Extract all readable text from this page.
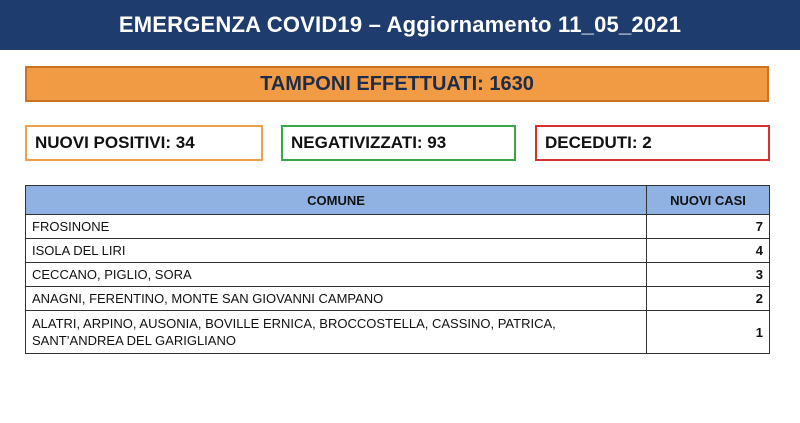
EMERGENZA COVID19 – Aggiornamento 11_05_2021
TAMPONI EFFETTUATI: 1630
NUOVI POSITIVI: 34	NEGATIVIZZATI: 93	DECEDUTI: 2
COMUNE	NUOVI CASI
FROSINONE	7
ISOLA DEL LIRI	4
CECCANO, PIGLIO, SORA	3
ANAGNI, FERENTINO, MONTE SAN GIOVANNI CAMPANO	2
ALATRI, ARPINO, AUSONIA, BOVILLE ERNICA, BROCCOSTELLA, CASSINO, PATRICA, SANT’ANDREA DEL GARIGLIANO	1
